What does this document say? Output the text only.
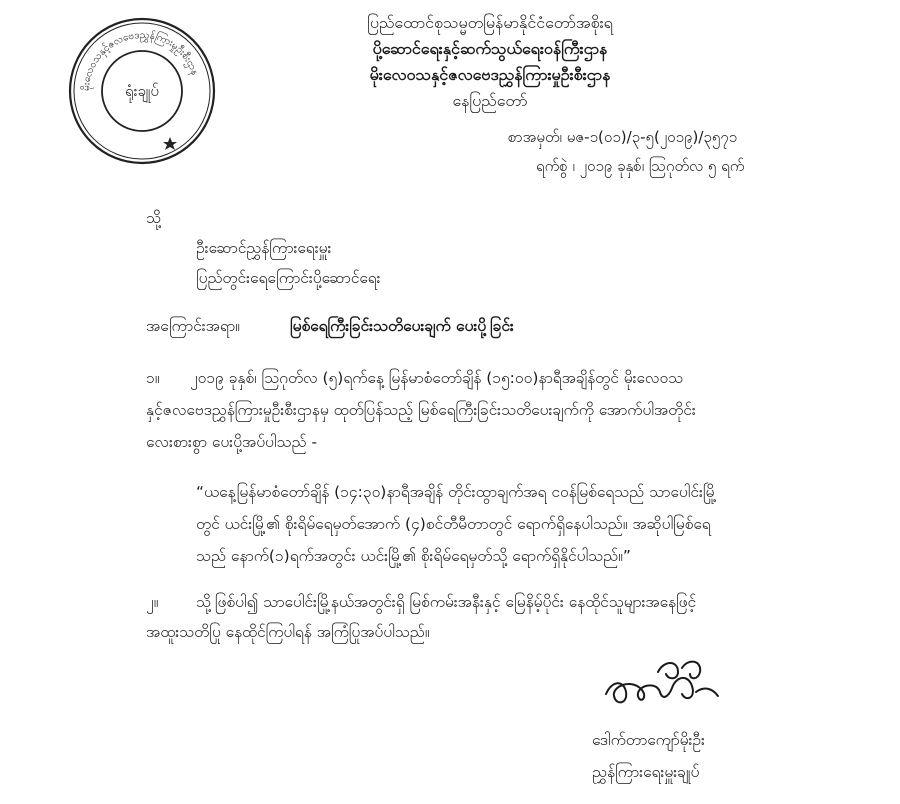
မိုးလေဝသနှင့်ဇလဗေဒညွှန်ကြားမှုဦးစီးဌာန
ရုံးချုပ်

ပြည်ထောင်စုသမ္မတမြန်မာနိုင်ငံတော်အစိုးရ

ပို့ဆောင်ရေးနှင့်ဆက်သွယ်ရေးဝန်ကြီးဌာန

မိုးလေဝသနှင့်ဇလဗေဒညွှန်ကြားမှုဦးစီးဌာန

နေပြည်တော်

စာအမှတ်၊ မဇ-၁(၀၁)/၃-၅(၂၀၁၉)/၃၅၇၁

ရက်စွဲ ၊ ၂၀၁၉ ခုနှစ်၊ ဩဂုတ်လ ၅ ရက်

သို့

ဦးဆောင်ညွှန်ကြားရေးမှူး

ပြည်တွင်းရေကြောင်းပို့ဆောင်ရေး

အကြောင်းအရာ။	မြစ်ရေကြီးခြင်းသတိပေးချက် ပေးပို့ခြင်း

၁။ ၂၀၁၉ ခုနှစ်၊ ဩဂုတ်လ (၅)ရက်နေ့ မြန်မာစံတော်ချိန် (၁၅:၀၀)နာရီအချိန်တွင် မိုးလေဝသ

နှင့်ဇလဗေဒညွှန်ကြားမှုဦးစီးဌာနမှ ထုတ်ပြန်သည့် မြစ်ရေကြီးခြင်းသတိပေးချက်ကို အောက်ပါအတိုင်း

လေးစားစွာ ပေးပို့အပ်ပါသည် -

“ယနေ့မြန်မာစံတော်ချိန် (၁၄:၃၀)နာရီအချိန် တိုင်းထွာချက်အရ ငဝန်မြစ်ရေသည် သာပေါင်းမြို့

တွင် ယင်းမြို့၏ စိုးရိမ်ရေမှတ်အောက် (၄)စင်တီမီတာတွင် ရောက်ရှိနေပါသည်။ အဆိုပါမြစ်ရေ

သည် နောက်(၁)ရက်အတွင်း ယင်းမြို့၏ စိုးရိမ်ရေမှတ်သို့ ရောက်ရှိနိုင်ပါသည်။”

၂။ သို့ဖြစ်ပါ၍ သာပေါင်းမြို့နယ်အတွင်းရှိ မြစ်ကမ်းအနီးနှင့် မြေနိမ့်ပိုင်း နေထိုင်သူများအနေဖြင့်

အထူးသတိပြု နေထိုင်ကြပါရန် အကြံပြုအပ်ပါသည်။

ဒေါက်တာကျော်မိုးဦး

ညွှန်ကြားရေးမှူးချုပ်
